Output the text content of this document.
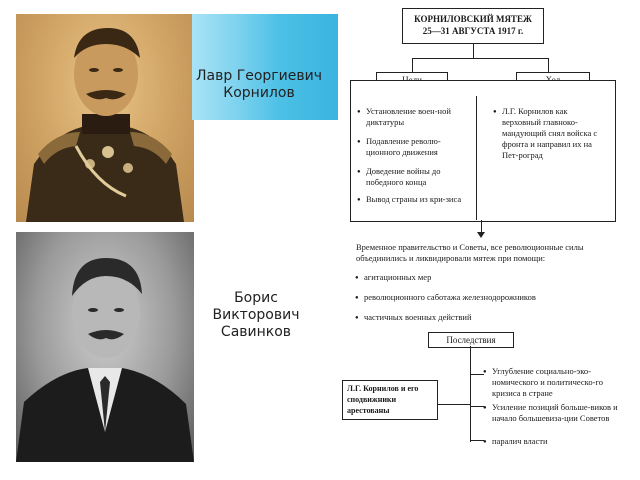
Лавр Георгиевич Корнилов
Борис Викторович Савинков
КОРНИЛОВСКИЙ МЯТЕЖ
25—31 АВГУСТА 1917 г.
● Установление воен-ной диктатуры
● Подавление револю-ционного движения
● Доведение войны до победного конца
● Вывод страны из кри-зиса
● Л.Г. Корнилов как верховный главноко-мандующий снял войска с фронта и направил их на Пет-роград
Временное правительство и Советы, все революционные силы объединились и ликвидировали мятеж при помощи:
● агитационных мер
● революционного саботажа железнодорожников
● частичных военных действий
Последствия
Л.Г. Корнилов и его сподвижники арестованы
● Углубление социально-эко-номического и политическо-го кризиса в стране
● Усиление позиций больше-виков и начало большевиза-ции Советов
● паралич власти
